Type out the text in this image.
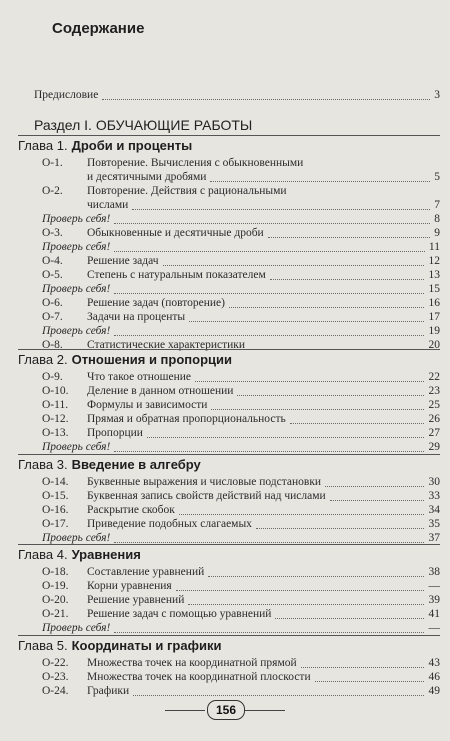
Содержание
Предисловие	3
Раздел I. ОБУЧАЮЩИЕ РАБОТЫ
Глава 1. Дроби и проценты
О-1. Повторение. Вычисления с обыкновенными
и десятичными дробями	5
О-2. Повторение. Действия с рациональными
числами	7
Проверь себя!	8
О-3. Обыкновенные и десятичные дроби	9
Проверь себя!	11
О-4. Решение задач	12
О-5. Степень с натуральным показателем	13
Проверь себя!	15
О-6. Решение задач (повторение)	16
О-7. Задачи на проценты	17
Проверь себя!	19
О-8. Статистические характеристики	20
Глава 2. Отношения и пропорции
О-9. Что такое отношение	22
О-10. Деление в данном отношении	23
О-11. Формулы и зависимости	25
О-12. Прямая и обратная пропорциональность	26
О-13. Пропорции	27
Проверь себя!	29
Глава 3. Введение в алгебру
О-14. Буквенные выражения и числовые подстановки	30
О-15. Буквенная запись свойств действий над числами	33
О-16. Раскрытие скобок	34
О-17. Приведение подобных слагаемых	35
Проверь себя!	37
Глава 4. Уравнения
О-18. Составление уравнений	38
О-19. Корни уравнения	—
О-20. Решение уравнений	39
О-21. Решение задач с помощью уравнений	41
Проверь себя!	—
Глава 5. Координаты и графики
О-22. Множества точек на координатной прямой	43
О-23. Множества точек на координатной плоскости	46
О-24. Графики	49
156
